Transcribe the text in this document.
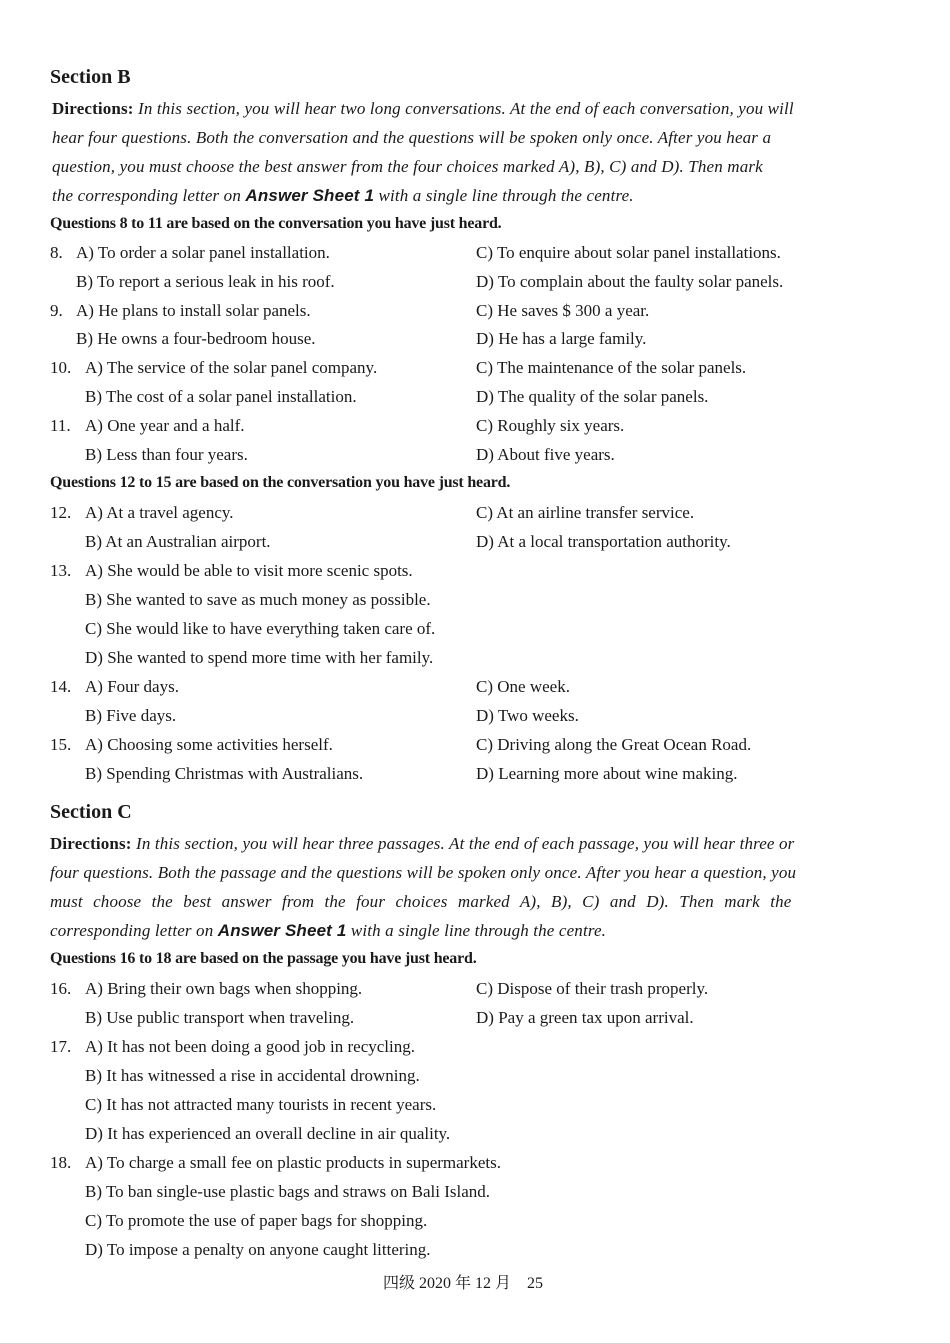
Section B
Directions: In this section, you will hear two long conversations. At the end of each conversation, you will
hear four questions. Both the conversation and the questions will be spoken only once. After you hear a
question, you must choose the best answer from the four choices marked A), B), C) and D). Then mark
the corresponding letter on Answer Sheet 1 with a single line through the centre.
Questions 8 to 11 are based on the conversation you have just heard.
8. A) To order a solar panel installation.	C) To enquire about solar panel installations.
B) To report a serious leak in his roof.	D) To complain about the faulty solar panels.
9. A) He plans to install solar panels.	C) He saves $ 300 a year.
B) He owns a four-bedroom house.	D) He has a large family.
10. A) The service of the solar panel company.	C) The maintenance of the solar panels.
B) The cost of a solar panel installation.	D) The quality of the solar panels.
11. A) One year and a half.	C) Roughly six years.
B) Less than four years.	D) About five years.
Questions 12 to 15 are based on the conversation you have just heard.
12. A) At a travel agency.	C) At an airline transfer service.
B) At an Australian airport.	D) At a local transportation authority.
13. A) She would be able to visit more scenic spots.
B) She wanted to save as much money as possible.
C) She would like to have everything taken care of.
D) She wanted to spend more time with her family.
14. A) Four days.	C) One week.
B) Five days.	D) Two weeks.
15. A) Choosing some activities herself.	C) Driving along the Great Ocean Road.
B) Spending Christmas with Australians.	D) Learning more about wine making.
Section C
Directions: In this section, you will hear three passages. At the end of each passage, you will hear three or
four questions. Both the passage and the questions will be spoken only once. After you hear a question, you
must choose the best answer from the four choices marked A), B), C) and D). Then mark the
corresponding letter on Answer Sheet 1 with a single line through the centre.
Questions 16 to 18 are based on the passage you have just heard.
16. A) Bring their own bags when shopping.	C) Dispose of their trash properly.
B) Use public transport when traveling.	D) Pay a green tax upon arrival.
17. A) It has not been doing a good job in recycling.
B) It has witnessed a rise in accidental drowning.
C) It has not attracted many tourists in recent years.
D) It has experienced an overall decline in air quality.
18. A) To charge a small fee on plastic products in supermarkets.
B) To ban single-use plastic bags and straws on Bali Island.
C) To promote the use of paper bags for shopping.
D) To impose a penalty on anyone caught littering.
四级 2020 年 12 月　25
